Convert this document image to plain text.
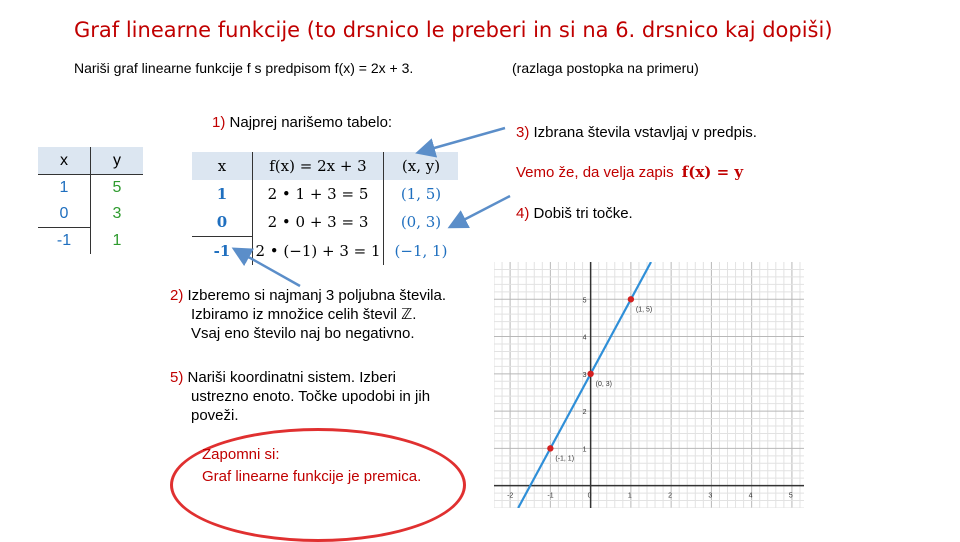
Graf linearne funkcije (to drsnico le preberi in si na 6. drsnico kaj dopiši)
Nariši graf linearne funkcije f s predpisom f(x) = 2x + 3.	(razlaga postopka na primeru)
x	y
1	5
0	3
-1	1
1) Najprej narišemo tabelo:
x	f(x) = 2x + 3	(x, y)
1	2 • 1 + 3 = 5	(1, 5)
0	2 • 0 + 3 = 3	(0, 3)
-1	2 • (−1) + 3 = 1	(−1, 1)
3) Izbrana števila vstavljaj v predpis.
Vemo že, da velja zapis f(x) = y
4) Dobiš tri točke.
2) Izberemo si najmanj 3 poljubna števila.
Izbiramo iz množice celih števil ℤ.
Vsaj eno število naj bo negativno.
5) Nariši koordinatni sistem. Izberi
ustrezno enoto. Točke upodobi in jih
poveži.
Zapomni si:
Graf linearne funkcije je premica.
-2	-1	0	1	2	3	4	5
1
2
3
4
5
(1, 5)
(0, 3)
(-1, 1)
